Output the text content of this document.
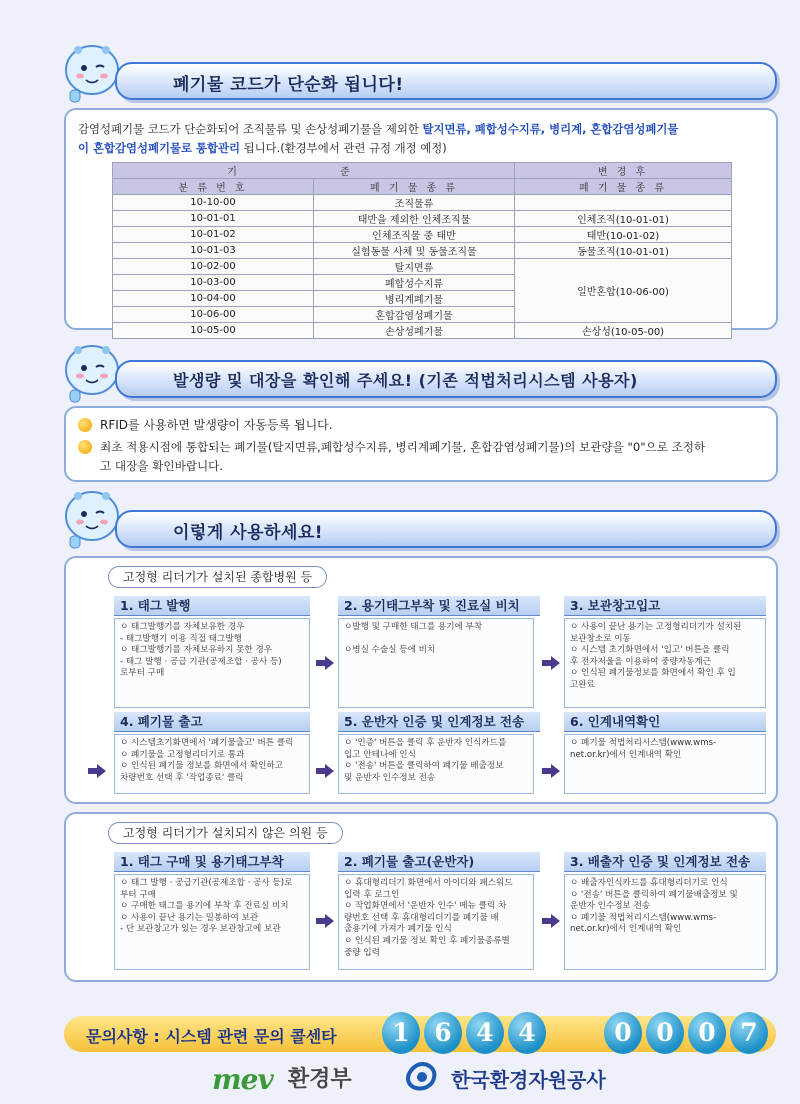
폐기물 코드가 단순화 됩니다!
감염성폐기물 코드가 단순화되어 조직물류 및 손상성폐기물을 제외한 탈지면류, 폐합성수지류, 병리계, 혼합감염성폐기물
이 혼합감염성폐기물로 통합관리 됩니다.(환경부에서 관련 규정 개정 예정)
기 준		변 경 후
분 류 번 호	폐 기 물 종 류	폐 기 물 종 류
10-10-00	조직물류	
10-01-01	태반을 제외한 인체조직물	인체조직(10-01-01)
10-01-02	인체조직물 중 태반	태반(10-01-02)
10-01-03	실험동물 사체 및 동물조직물	동물조직(10-01-01)
10-02-00	탈지면류	일반혼합(10-06-00)
10-03-00	폐합성수지류	
10-04-00	병리계폐기물	
10-06-00	혼합감염성폐기물	
10-05-00	손상성폐기물	손상성(10-05-00)
발생량 및 대장을 확인해 주세요! (기존 적법처리시스템 사용자)
RFID를 사용하면 발생량이 자동등록 됩니다.
최초 적용시점에 통합되는 폐기물(탈지면류,폐합성수지류, 병리계폐기물, 혼합감염성폐기물)의 보관량을 "0"으로 조정하
고 대장을 확인바랍니다.
이렇게 사용하세요!
고정형 리더기가 설치된 종합병원 등
1. 태그 발행
ㅇ 태그발행기를 자체보유한 경우
- 태그발행기 이용 직접 태그발행
ㅇ 태그발행기를 자체보유하지 못한 경우
- 태그 발행 · 공급 기관(공제조합 · 공사 등)
로부터 구매
2. 용기태그부착 및 진료실 비치
ㅇ발행 및 구매한 태그를 용기에 부착

ㅇ병실 수술실 등에 비치
3. 보관창고입고
ㅇ 사용이 끝난 용기는 고정형리더기가 설치된
보관창소로 이동
ㅇ 시스템 초기화면에서 '입고' 버튼을 클릭
후 전자저울을 이용하여 중량자동계근
ㅇ 인식된 폐기물정보를 화면에서 확인 후 입
고완료
4. 폐기물 출고
ㅇ 시스템초기화면에서 '폐기물출고' 버튼 클릭
ㅇ 폐기물을 고정형리더기로 통과
ㅇ 인식된 폐기물 정보를 화면에서 확인하고
차량번호 선택 후 '작업종료' 클릭
5. 운반자 인증 및 인계정보 전송
ㅇ '인증' 버튼을 클릭 후 운반자 인식카드를
입고 안테나에 인식
ㅇ '전송' 버튼을 클릭하여 폐기물 배출정보
및 운반자 인수정보 전송
6. 인계내역확인
ㅇ 폐기물 적법처리시스템(www.wms-
net.or.kr)에서 인계내역 확인
고정형 리더기가 설치되지 않은 의원 등
1. 태그 구매 및 용기태그부착
ㅇ 태그 발행 · 공급기관(공제조합 · 공사 등)로
부터 구매
ㅇ 구매한 태그를 용기에 부착 후 진료실 비치
ㅇ 사용이 끝난 용기는 밀봉하여 보관
- 단 보관창고가 있는 경우 보관창고에 보관
2. 폐기물 출고(운반자)
ㅇ 휴대형리더기 화면에서 아이디와 패스워드
입력 후 로그인
ㅇ 작업화면에서 '운반자 인수' 메뉴 클릭 차
량번호 선택 후 휴대형리더기를 폐기물 배
출용기에 가져가 폐기물 인식
ㅇ 인식된 폐기물 정보 확인 후 폐기물종류별
중량 입력
3. 배출자 인증 및 인계정보 전송
ㅇ 배출자인식카드를 휴대형리더기로 인식
ㅇ '전송' 버튼을 클릭하여 폐기물배출정보 및
운반자 인수정보 전송
ㅇ 폐기물 적법처리시스템(www.wms-
net.or.kr)에서 인계내역 확인
문의사항 : 시스템 관련 문의 콜센타	1 6 4 4	0 0 0 7
mev 환경부	한국환경자원공사
